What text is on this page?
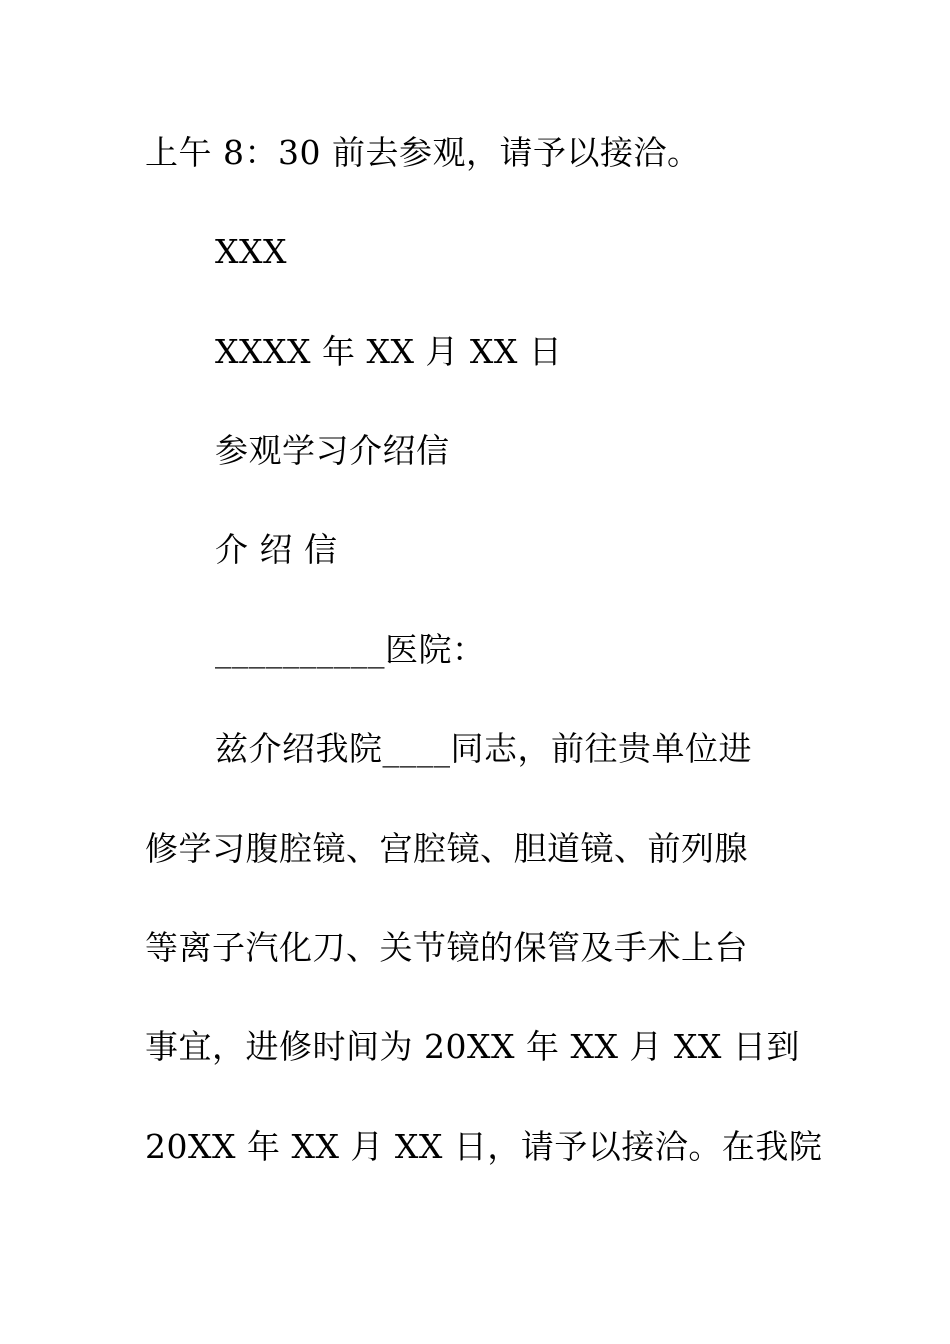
上午 8：30 前去参观，请予以接洽。
XXX
XXXX 年 XX 月 XX 日
参观学习介绍信
介 绍 信
__________医院：
兹介绍我院____同志，前往贵单位进
修学习腹腔镜、宫腔镜、胆道镜、前列腺
等离子汽化刀、关节镜的保管及手术上台
事宜，进修时间为 20XX 年 XX 月 XX 日到
20XX 年 XX 月 XX 日，请予以接洽。在我院
